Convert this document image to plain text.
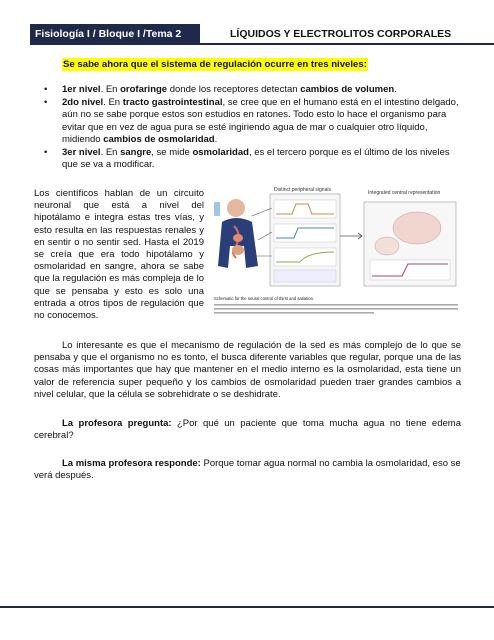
Fisiología I / Bloque I /Tema 2	LÍQUIDOS Y ELECTROLITOS CORPORALES
Se sabe ahora que el sistema de regulación ocurre en tres niveles:
• 1er nivel. En orofaringe donde los receptores detectan cambios de volumen.
• 2do nivel. En tracto gastrointestinal, se cree que en el humano está en el intestino delgado, aún no se sabe porque estos son estudios en ratones. Todo esto lo hace el organismo para evitar que en vez de agua pura se esté ingiriendo agua de mar o cualquier otro líquido, midiendo cambios de osmolaridad.
• 3er nivel. En sangre, se mide osmolaridad, es el tercero porque es el último de los niveles que se va a modificar.

Los científicos hablan de un circuito neuronal que está a nivel del hipotálamo e integra estas tres vías, y esto resulta en las respuestas renales y en sentir o no sentir sed. Hasta el 2019 se creía que era todo hipotálamo y osmolaridad en sangre, ahora se sabe que la regulación es más compleja de lo que se pensaba y esto es solo una entrada a otros tipos de regulación que no conocemos.

Distinct peripheral signals	Integrated central representation
Schematic for the neural control of thirst and satiation.

Lo interesante es que el mecanismo de regulación de la sed es más complejo de lo que se pensaba y que el organismo no es tonto, el busca diferente variables que regular, porque una de las cosas más importantes que hay que mantener en el medio interno es la osmolaridad, esta tiene un valor de referencia super pequeño y los cambios de osmolaridad pueden traer grandes cambios a nivel celular, que la célula se sobrehidrate o se deshidrate.

La profesora pregunta: ¿Por qué un paciente que toma mucha agua no tiene edema cerebral?

La misma profesora responde: Porque tomar agua normal no cambia la osmolaridad, eso se verá después.
